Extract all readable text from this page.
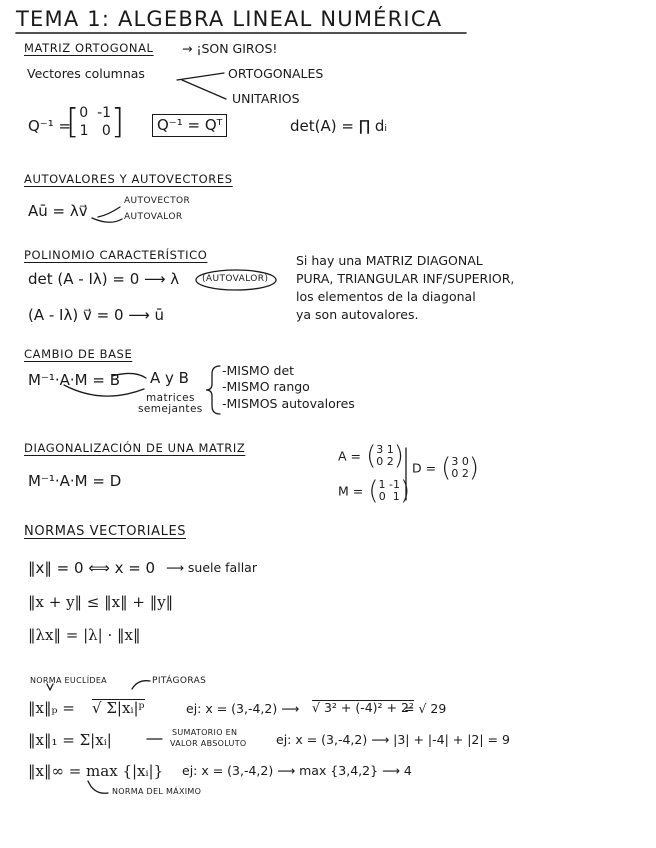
TEMA 1: ALGEBRA LINEAL NUMÉRICA
MATRIZ ORTOGONAL → ¡SON GIROS!
Vectores columnas	ORTOGONALES
UNITARIOS
Q⁻¹ =
[0  -1
1   0]	Q⁻¹ = Qᵀ	det(A) = ∏ dᵢ
AUTOVALORES Y AUTOVECTORES
Aū = λv⃗
AUTOVECTOR
AUTOVALOR
POLINOMIO CARACTERÍSTICO
det (A - Iλ) = 0 ⟶ λ	(AUTOVALOR)
(A - Iλ) v⃗ = 0 ⟶ ū
Si hay una MATRIZ DIAGONAL
PURA, TRIANGULAR INF/SUPERIOR,
los elementos de la diagonal
ya son autovalores.
CAMBIO DE BASE
M⁻¹·A·M = B A y B
matrices
semejantes
-MISMO det
-MISMO rango
-MISMOS autovalores
DIAGONALIZACIÓN DE UNA MATRIZ
M⁻¹·A·M = D
A = (3 1
0 2)
M = (1 -1
0  1)
D = (3 0
0 2)
NORMAS VECTORIALES
‖x‖ = 0 ⟺ x = 0 ⟶ suele fallar
‖x + y‖ ≤ ‖x‖ + ‖y‖
‖λx‖ = |λ| · ‖x‖
NORMA EUCLÍDEA	PITÁGORAS
‖x‖ₚ = √ Σ|xᵢ|ᵖ	ej: x = (3,-4,2) ⟶ √ 3² + (-4)² + 2²
= √ 29
‖x‖₁ = Σ|xᵢ|	SUMATORIO EN
VALOR ABSOLUTO ej: x = (3,-4,2) ⟶ |3| + |-4| + |2| = 9
‖x‖∞ = max {|xᵢ|} ej: x = (3,-4,2) ⟶ max {3,4,2} ⟶ 4
NORMA DEL MÁXIMO
